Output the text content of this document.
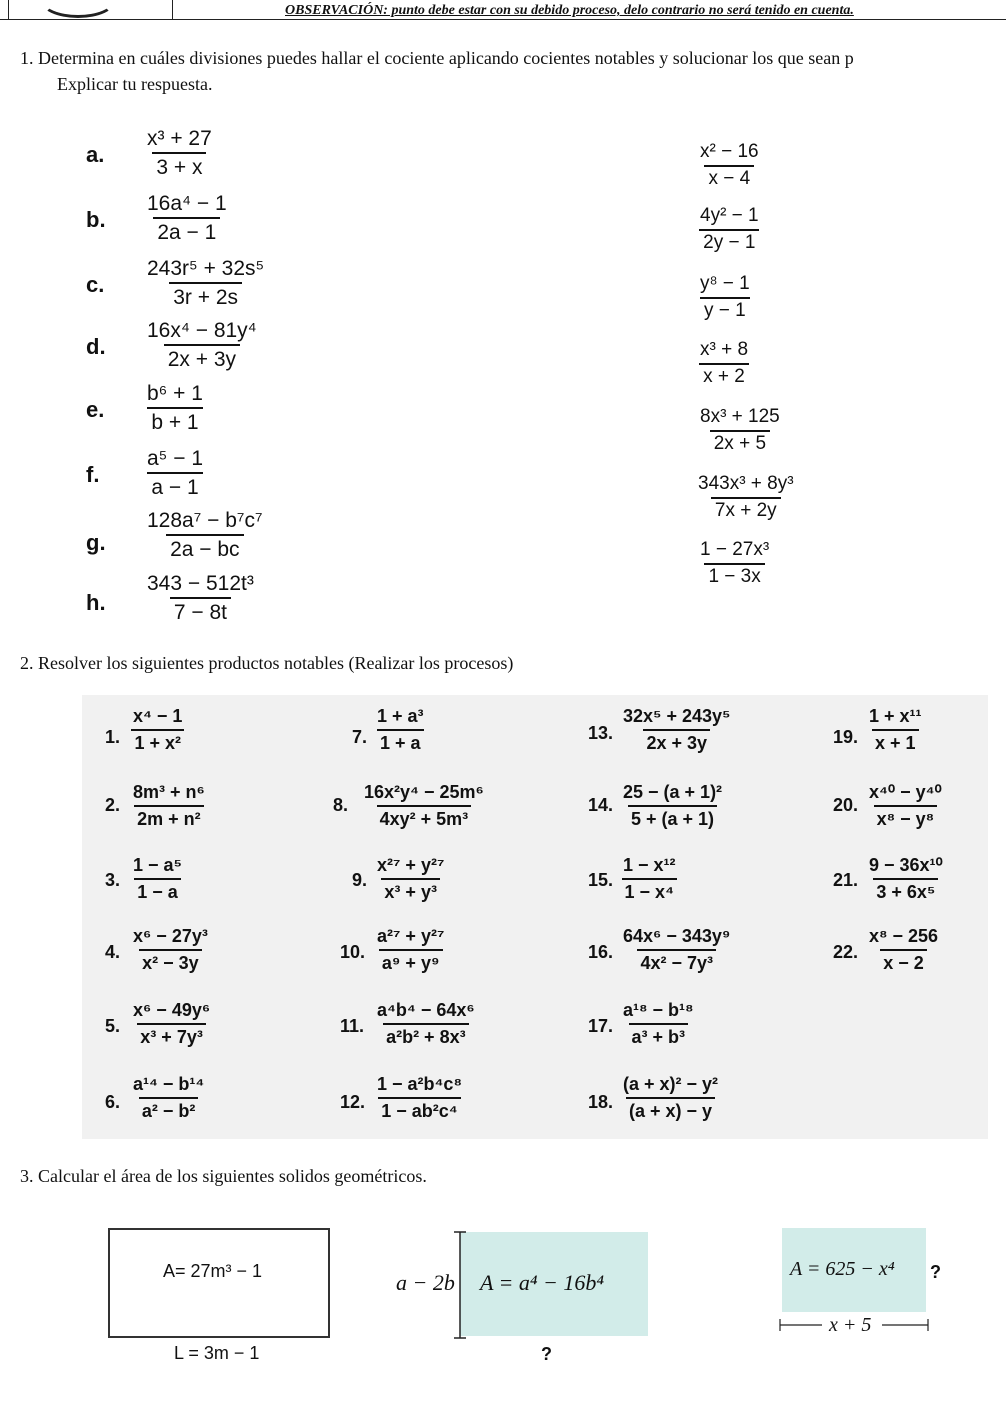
OBSERVACIÓN: punto debe estar con su debido proceso, delo contrario no será tenido en cuenta.
1. Determina en cuáles divisiones puedes hallar el cociente aplicando cocientes notables y solucionar los que sean p
Explicar tu respuesta.
a. $\frac{\text{x³ + 27}}{3 + x}$
b. $\frac{\text{16a⁴ − 1}}{2a - 1}$
c. $\frac{\text{243r⁵ + 32s⁵}}{3r + 2s}$
d. $\frac{\text{16x⁴ − 81y⁴}}{2x + 3y}$
e. $\frac{\text{b⁶ + 1}}{b + 1}$
f. $\frac{\text{a⁵ − 1}}{a - 1}$
g. $\frac{\text{128a⁷ − b⁷c⁷}}{2a - bc}$
h. $\frac{\text{343 − 512t³}}{7 - 8t}$
$\frac{\text{x² − 16}}{x - 4}$
$\frac{\text{4y² − 1}}{2y - 1}$
$\frac{\text{y⁸ − 1}}{y - 1}$
$\frac{\text{x³ + 8}}{x + 2}$
$\frac{\text{8x³ + 125}}{2x + 5}$
$\frac{\text{343x³ + 8y³}}{7x + 2y}$
$\frac{\text{1 − 27x³}}{1 - 3x}$
2. Resolver los siguientes productos notables (Realizar los procesos)
1. $\frac{\text{x⁴ − 1}}{\text{1 + x²}}$
2. $\frac{\text{8m³ + n⁶}}{\text{2m + n²}}$
3. $\frac{\text{1 − a⁵}}{1 - a}$
4. $\frac{\text{x⁶ − 27y³}}{\text{x² − 3y}}$
5. $\frac{\text{x⁶ − 49y⁶}}{\text{x³ + 7y³}}$
6. $\frac{\text{a¹⁴ − b¹⁴}}{\text{a² − b²}}$
7. $\frac{\text{1 + a³}}{1 + a}$
8. $\frac{\text{16x²y⁴ − 25m⁶}}{\text{4xy² + 5m³}}$
9. $\frac{\text{x²⁷ + y²⁷}}{\text{x³ + y³}}$
10. $\frac{\text{a²⁷ + y²⁷}}{\text{a⁹ + y⁹}}$
11. $\frac{\text{a⁴b⁴ − 64x⁶}}{\text{a²b² + 8x³}}$
12. $\frac{\text{1 − a²b⁴c⁸}}{\text{1 − ab²c⁴}}$
13. $\frac{\text{32x⁵ + 243y⁵}}{2x + 3y}$
14. $\frac{\text{25 − (a + 1)²}}{5 + (a + 1)}$
15. $\frac{\text{1 − x¹²}}{\text{1 − x⁴}}$
16. $\frac{\text{64x⁶ − 343y⁹}}{\text{4x² − 7y³}}$
17. $\frac{\text{a¹⁸ − b¹⁸}}{\text{a³ + b³}}$
18. $\frac{\text{(a + x)² − y²}}{(a + x) - y}$
19. $\frac{\text{1 + x¹¹}}{x + 1}$
20. $\frac{\text{x⁴⁰ − y⁴⁰}}{\text{x⁸ − y⁸}}$
21. $\frac{\text{9 − 36x¹⁰}}{\text{3 + 6x⁵}}$
22. $\frac{\text{x⁸ − 256}}{x - 2}$
3. Calcular el área de los siguientes solidos geométricos.
A= 27m³ − 1
L = 3m − 1
a − 2b A = a⁴ − 16b⁴
?
A = 625 − x⁴ ?
x + 5
